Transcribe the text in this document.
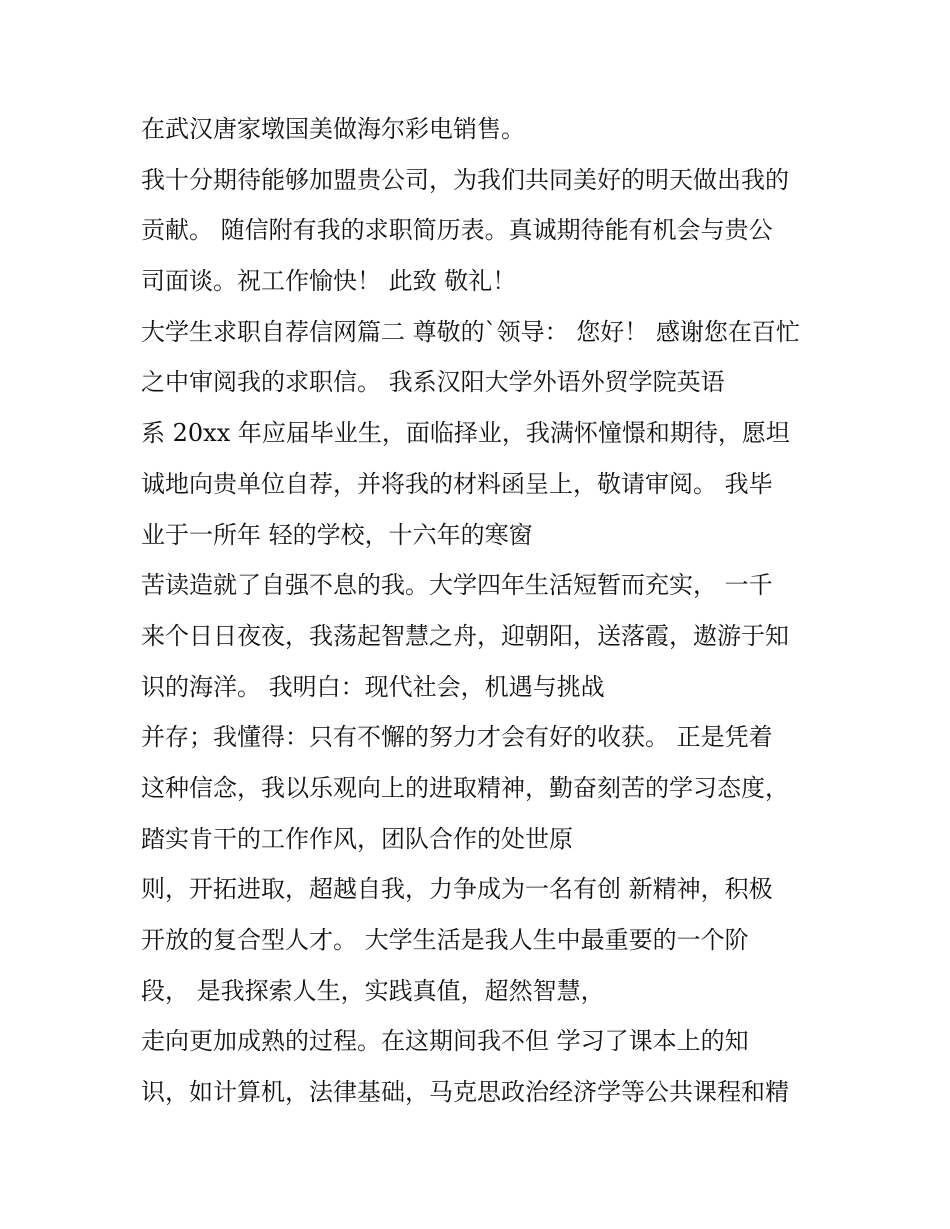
在武汉唐家墩国美做海尔彩电销售。
我十分期待能够加盟贵公司，为我们共同美好的明天做出我的
贡献。 随信附有我的求职简历表。真诚期待能有机会与贵公
司面谈。祝工作愉快！ 此致 敬礼！
大学生求职自荐信网篇二 尊敬的`领导： 您好！ 感谢您在百忙
之中审阅我的求职信。 我系汉阳大学外语外贸学院英语
系 20xx 年应届毕业生，面临择业，我满怀憧憬和期待，愿坦
诚地向贵单位自荐，并将我的材料函呈上，敬请审阅。 我毕
业于一所年 轻的学校，十六年的寒窗
苦读造就了自强不息的我。大学四年生活短暂而充实， 一千
来个日日夜夜，我荡起智慧之舟，迎朝阳，送落霞，遨游于知
识的海洋。 我明白：现代社会，机遇与挑战
并存；我懂得：只有不懈的努力才会有好的收获。 正是凭着
这种信念，我以乐观向上的进取精神，勤奋刻苦的学习态度，
踏实肯干的工作作风，团队合作的处世原
则，开拓进取，超越自我，力争成为一名有创 新精神，积极
开放的复合型人才。 大学生活是我人生中最重要的一个阶
段， 是我探索人生，实践真值，超然智慧，
走向更加成熟的过程。在这期间我不但 学习了课本上的知
识，如计算机，法律基础，马克思政治经济学等公共课程和精
